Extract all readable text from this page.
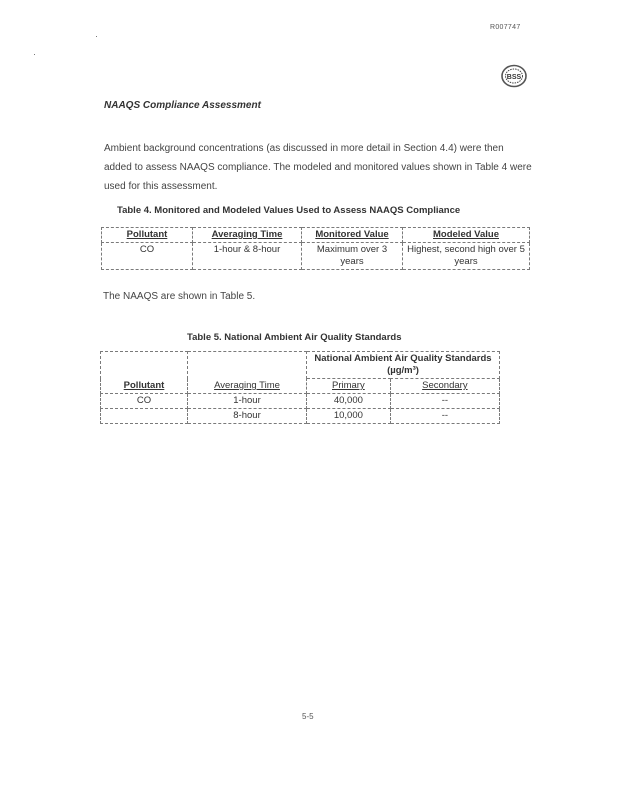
R007747
BSS
NAAQS Compliance Assessment
Ambient background concentrations (as discussed in more detail in Section 4.4) were then added to assess NAAQS compliance. The modeled and monitored values shown in Table 4 were used for this assessment.
Table 4. Monitored and Modeled Values Used to Assess NAAQS Compliance
Pollutant	Averaging Time	Monitored Value	Modeled Value
CO	1-hour & 8-hour	Maximum over 3 years	Highest, second high over 5 years
The NAAQS are shown in Table 5.
Table 5. National Ambient Air Quality Standards
Pollutant	Averaging Time	National Ambient Air Quality Standards (µg/m³)	
		Primary	Secondary
CO	1-hour	40,000	--
	8-hour	10,000	--
5-5
